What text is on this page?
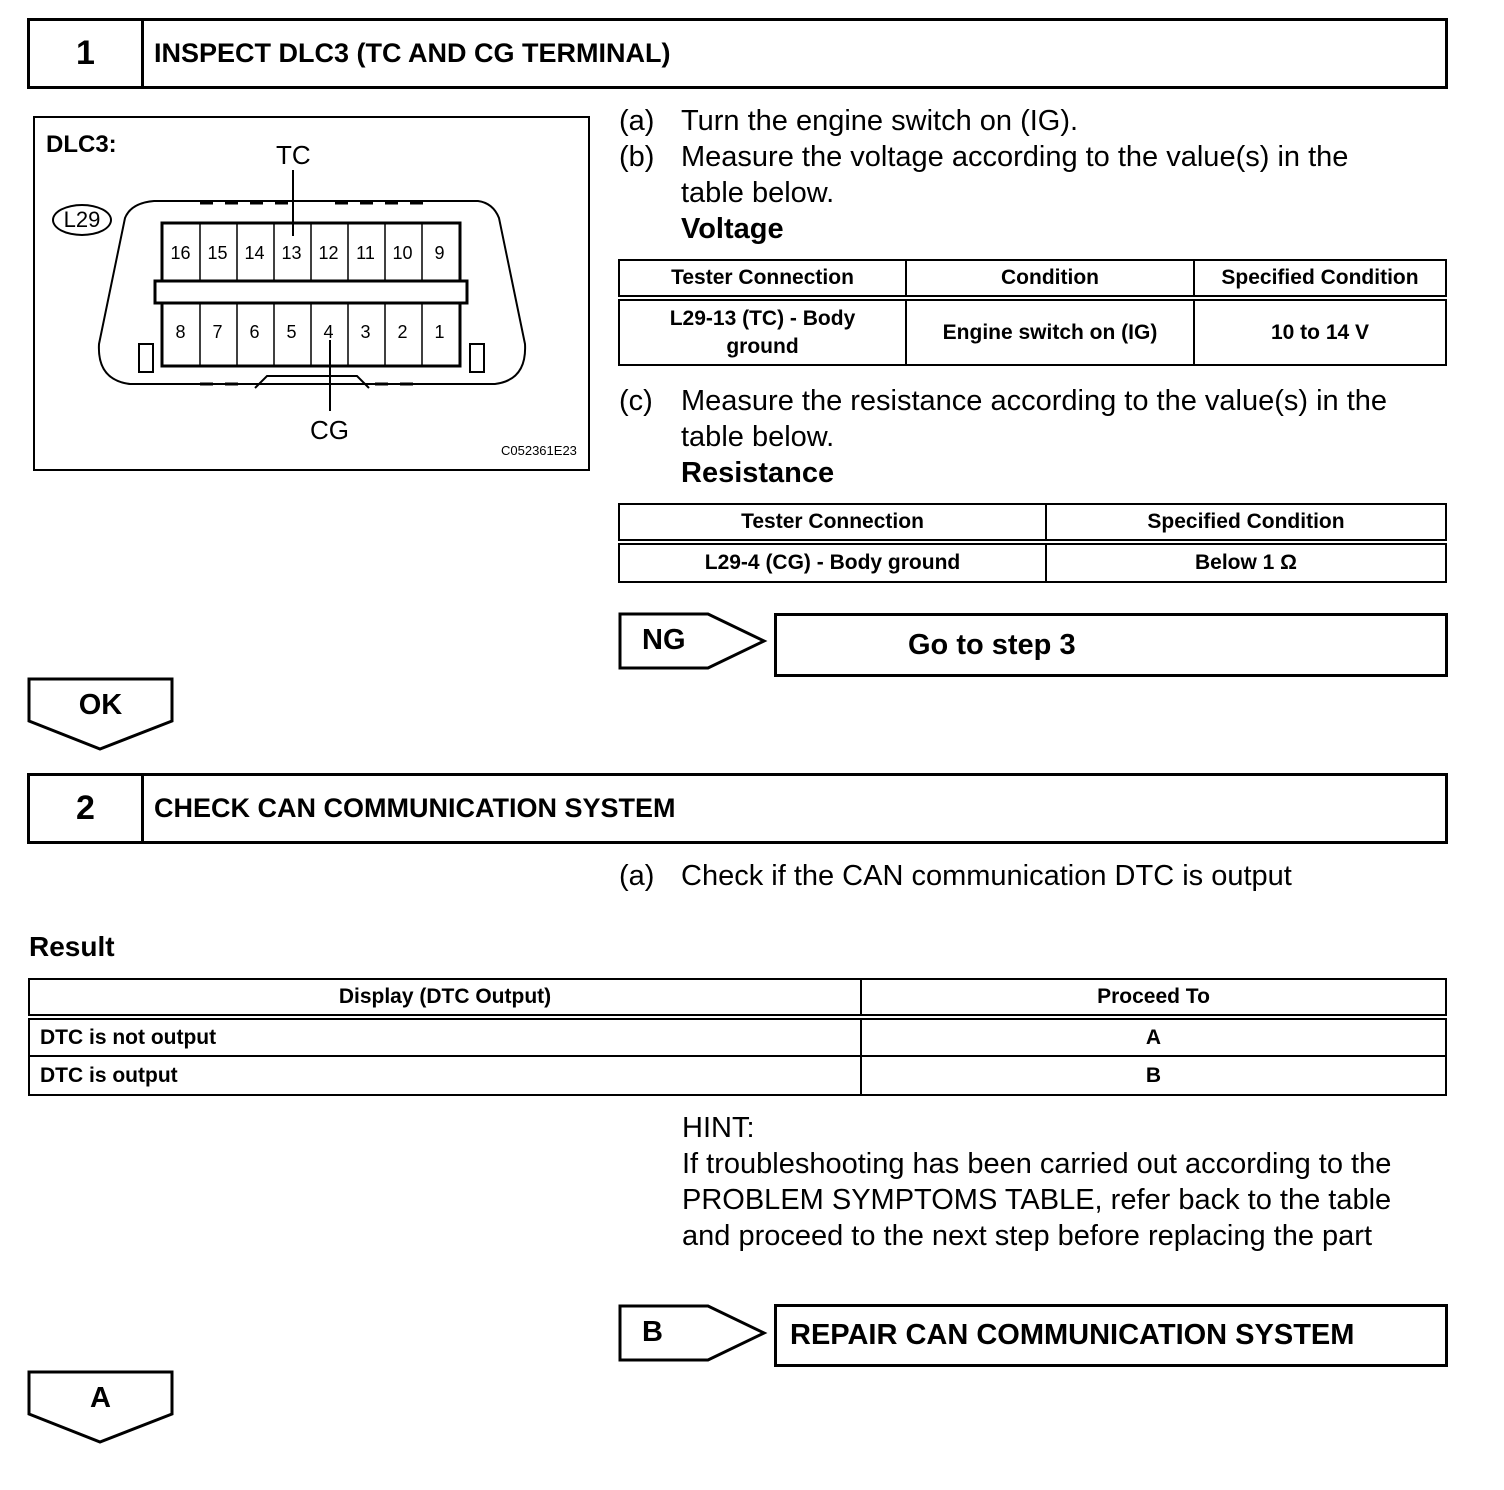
1	INSPECT DLC3 (TC AND CG TERMINAL)
DLC3:	TC
CG
C052361E23
L29
16 15 14 13 12 11 10	9
8	7	6	5	4	3	2	1
(a) Turn the engine switch on (IG).
(b) Measure the voltage according to the value(s) in the
table below.
Voltage
Tester Connection	Condition	Specified Condition
L29-13 (TC) - Body
ground	Engine switch on (IG)	10 to 14 V
(c) Measure the resistance according to the value(s) in the
table below.
Resistance
Tester Connection	Specified Condition
L29-4 (CG) - Body ground	Below 1 Ω
NG	Go to step 3
OK
2	CHECK CAN COMMUNICATION SYSTEM
(a) Check if the CAN communication DTC is output
Result
Display (DTC Output)	Proceed To
DTC is not output	A
DTC is output	B
HINT:
If troubleshooting has been carried out according to the
PROBLEM SYMPTOMS TABLE, refer back to the table
and proceed to the next step before replacing the part
B	REPAIR CAN COMMUNICATION SYSTEM
A
